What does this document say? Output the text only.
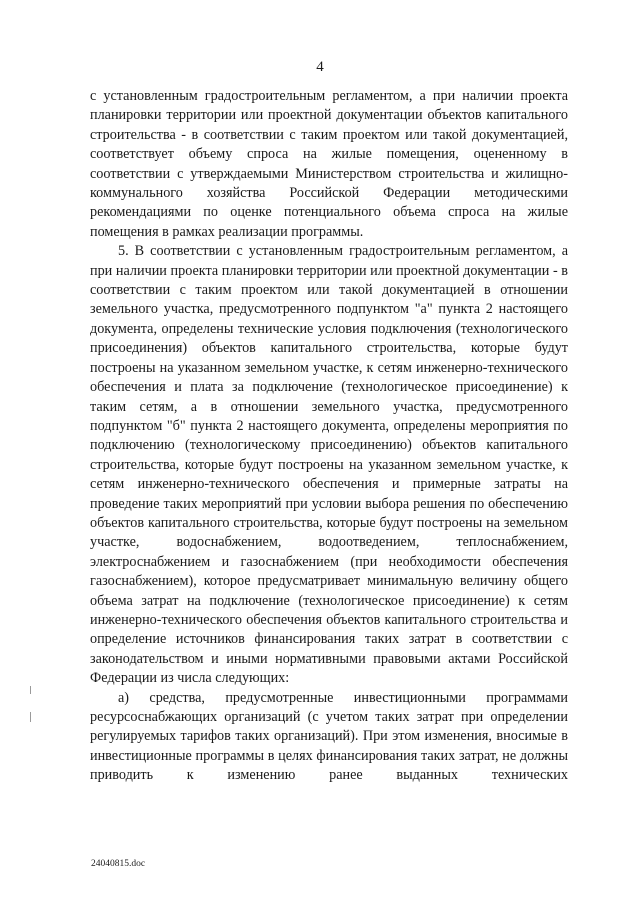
4

с установленным градостроительным регламентом, а при наличии проекта планировки территории или проектной документации объектов капитального строительства - в соответствии с таким проектом или такой документацией, соответствует объему спроса на жилые помещения, оцененному в соответствии с утверждаемыми Министерством строительства и жилищно-коммунального хозяйства Российской Федерации методическими рекомендациями по оценке потенциального объема спроса на жилые помещения в рамках реализации программы.

5. В соответствии с установленным градостроительным регламентом, а при наличии проекта планировки территории или проектной документации - в соответствии с таким проектом или такой документацией в отношении земельного участка, предусмотренного подпунктом "а" пункта 2 настоящего документа, определены технические условия подключения (технологического присоединения) объектов капитального строительства, которые будут построены на указанном земельном участке, к сетям инженерно-технического обеспечения и плата за подключение (технологическое присоединение) к таким сетям, а в отношении земельного участка, предусмотренного подпунктом "б" пункта 2 настоящего документа, определены мероприятия по подключению (технологическому присоединению) объектов капитального строительства, которые будут построены на указанном земельном участке, к сетям инженерно-технического обеспечения и примерные затраты на проведение таких мероприятий при условии выбора решения по обеспечению объектов капитального строительства, которые будут построены на земельном участке, водоснабжением, водоотведением, теплоснабжением, электроснабжением и газоснабжением (при необходимости обеспечения газоснабжением), которое предусматривает минимальную величину общего объема затрат на подключение (технологическое присоединение) к сетям инженерно-технического обеспечения объектов капитального строительства и определение источников финансирования таких затрат в соответствии с законодательством и иными нормативными правовыми актами Российской Федерации из числа следующих:

а) средства, предусмотренные инвестиционными программами ресурсоснабжающих организаций (с учетом таких затрат при определении регулируемых тарифов таких организаций). При этом изменения, вносимые в инвестиционные программы в целях финансирования таких затрат, не должны приводить к изменению ранее выданных технических

24040815.doc
